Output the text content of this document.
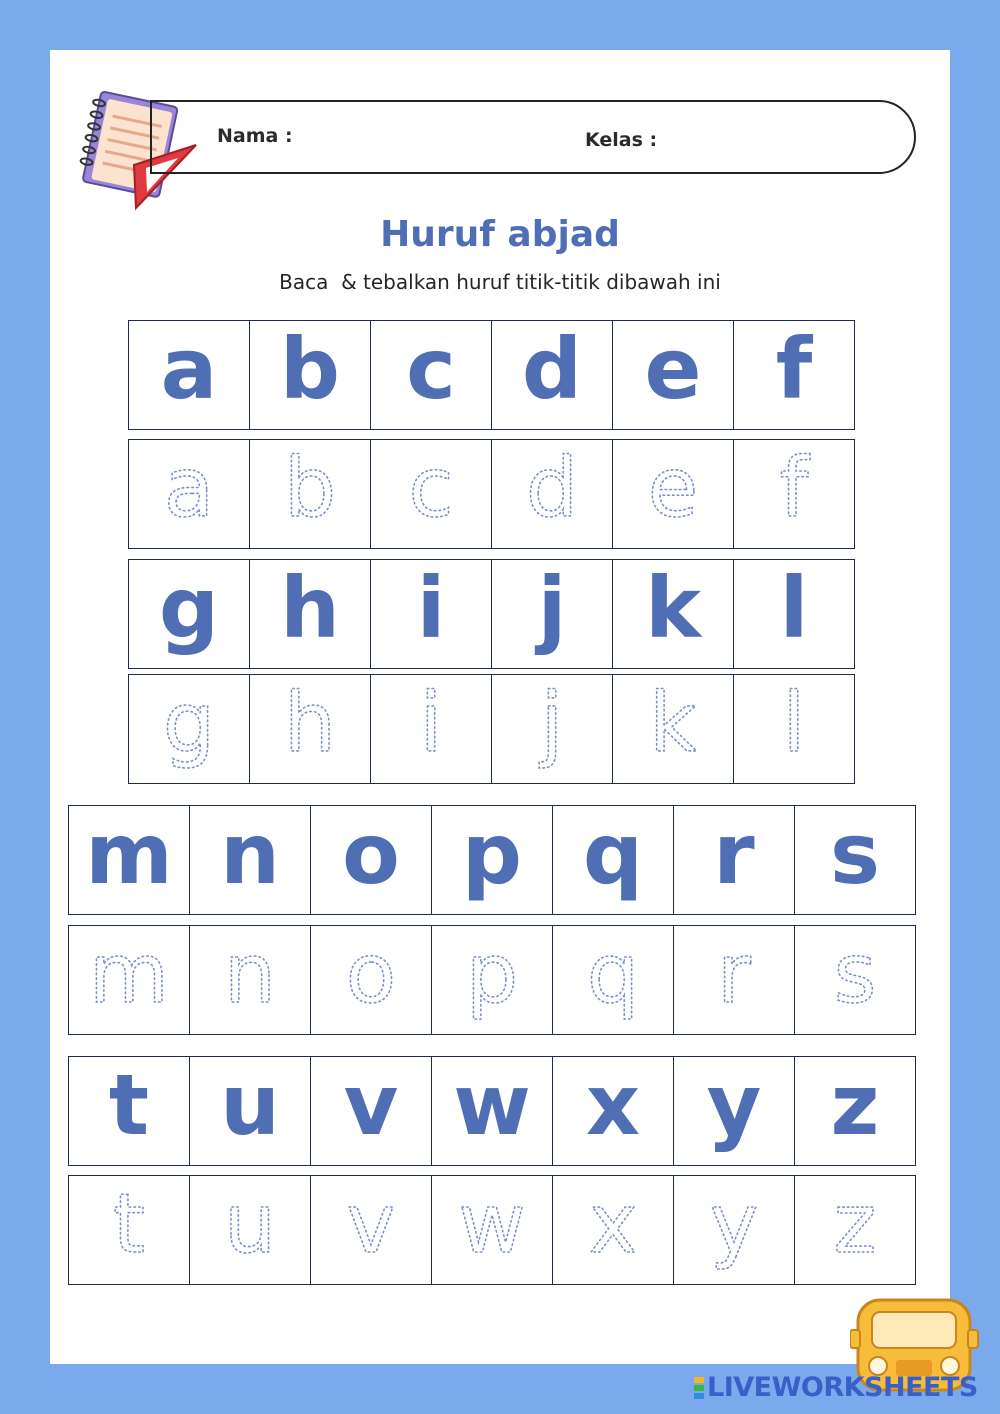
Nama :	Kelas :
Huruf abjad
Baca  & tebalkan huruf titik-titik dibawah ini
a b c d e f
a b c d e f
g h i j k l
g h i j k l
m n o p q r s
m n o p q r s
t u v w x y z
t u v w x y z
LIVEWORKSHEETS
